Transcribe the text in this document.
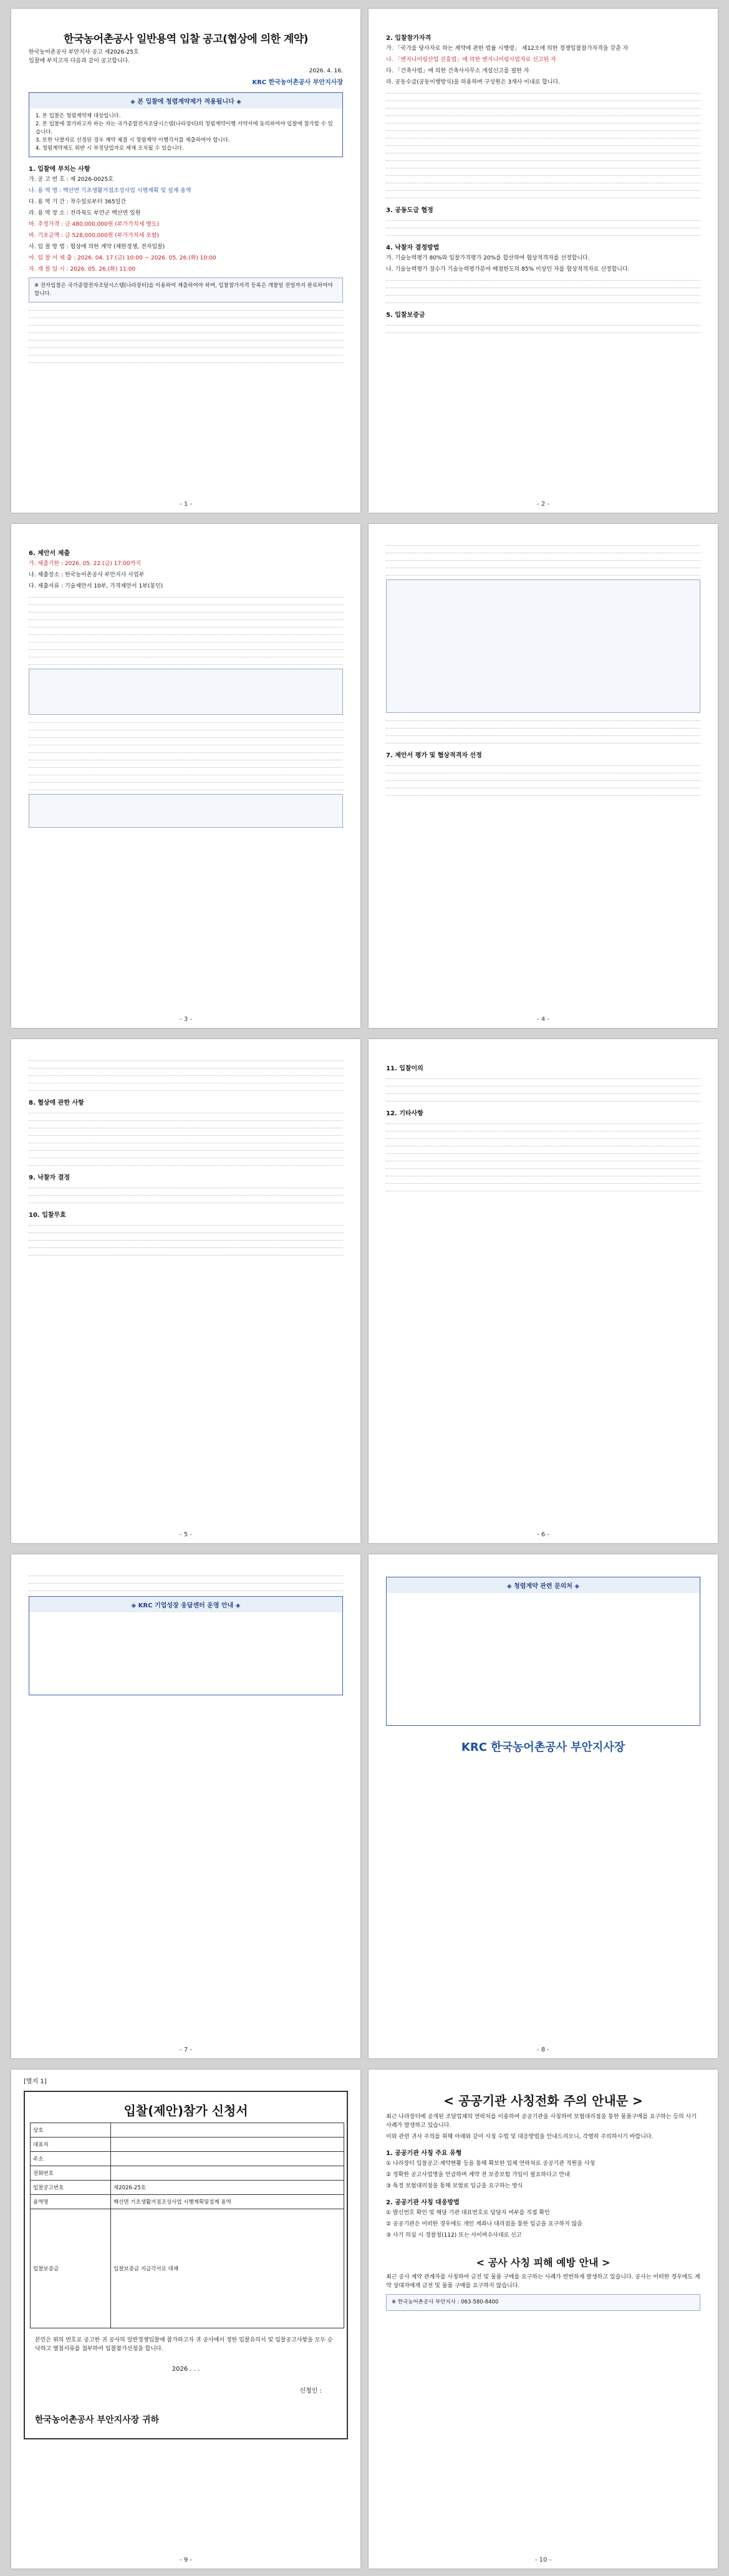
한국농어촌공사 일반용역 입찰 공고(협상에 의한 계약)
한국농어촌공사 부안지사 공고 제2026-25호
입찰에 부치고자 다음과 같이 공고합니다.
2026. 4. 16.
KRC 한국농어촌공사 부안지사장
◈ 본 입찰에 청렴계약제가 적용됩니다 ◈
1. 본 입찰은 청렴계약제 대상입니다.
2. 본 입찰에 참가하고자 하는 자는 국가종합전자조달시스템(나라장터)의 청렴계약이행 서약서에 동의하여야 입찰에 참가할 수 있습니다.
3. 또한 낙찰자로 선정된 경우 계약 체결 시 청렴계약 이행각서를 제출하여야 합니다.
4. 청렴계약제도 위반 시 부정당업자로 제재 조치될 수 있습니다.
1. 입찰에 부치는 사항

가. 공 고 번 호 : 제 2026-0025호

나. 용 역 명 : 백산면 기초생활거점조성사업 시행계획 및 설계 용역

다. 용 역 기 간 : 착수일로부터 365일간

라. 용 역 장 소 : 전라북도 부안군 백산면 일원

마. 추정가격 : 금 480,000,000원 (부가가치세 별도)

바. 기초금액 : 금 528,000,000원 (부가가치세 포함)

사. 입 찰 방 법 : 협상에 의한 계약 (제한경쟁, 전자입찰)

아. 입 찰 서 제 출 : 2026. 04. 17.(금) 10:00 ~ 2026. 05. 26.(화) 10:00

자. 개 찰 일 시 : 2026. 05. 26.(화) 11:00

※ 전자입찰은 국가종합전자조달시스템(나라장터)을 이용하여 제출하여야 하며, 입찰참가자격 등록은 개찰일 전일까지 완료하여야 합니다.
- 1 -
2. 입찰참가자격

가. 「국가를 당사자로 하는 계약에 관한 법률 시행령」 제12조에 의한 경쟁입찰참가자격을 갖춘 자

나. 「엔지니어링산업 진흥법」에 의한 엔지니어링사업자로 신고된 자

다. 「건축사법」에 의한 건축사사무소 개설신고를 필한 자

라. 공동수급(공동이행방식)을 허용하며 구성원은 3개사 이내로 합니다.

3. 공동도급 협정
4. 낙찰자 결정방법

가. 기술능력평가 80%와 입찰가격평가 20%를 합산하여 협상적격자를 선정합니다.

나. 기술능력평가 점수가 기술능력평가분야 배점한도의 85% 이상인 자를 협상적격자로 선정합니다.

5. 입찰보증금
- 2 -
6. 제안서 제출

가. 제출기한 : 2026. 05. 22.(금) 17:00까지

나. 제출장소 : 한국농어촌공사 부안지사 사업부

다. 제출서류 : 기술제안서 10부, 가격제안서 1부(봉인)

- 3 -
7. 제안서 평가 및 협상적격자 선정
- 4 -
8. 협상에 관한 사항
9. 낙찰자 결정
10. 입찰무효
- 5 -
11. 입찰이의
12. 기타사항
- 6 -
◈ KRC 기업성장 응답센터 운영 안내 ◈
- 7 -
◈ 청렴계약 관련 문의처 ◈
KRC 한국농어촌공사 부안지사장
- 8 -
[별지 1]
입찰(제안)참가 신청서
상호	
대표자	
주소	
전화번호	
입찰공고번호	제2026-25호
용역명	백산면 기초생활거점조성사업 시행계획및설계 용역
입찰보증금	입찰보증금 지급각서로 대체
본인은 위의 번호로 공고한 귀 공사의 일반경쟁입찰에 참가하고자 귀 공사에서 정한 입찰유의서 및 입찰공고사항을 모두 승낙하고 별첨서류를 첨부하여 입찰참가신청을 합니다.
2026 . . .
신청인 :
한국농어촌공사 부안지사장 귀하
- 9 -
< 공공기관 사칭전화 주의 안내문 >

최근 나라장터에 공개된 조달업체의 연락처를 이용하여 공공기관을 사칭하여 보험대리점을 통한 물품구매를 요구하는 등의 사기 사례가 발생하고 있습니다.

이와 관련 귀사 주의를 위해 아래와 같이 사칭 수법 및 대응방법을 안내드리오니, 각별히 주의하시기 바랍니다.

1. 공공기관 사칭 주요 유형

① 나라장터 입찰공고·계약현황 등을 통해 확보한 업체 연락처로 공공기관 직원을 사칭

② 정확한 공고사업명을 언급하며 계약 전 보증보험 가입이 필요하다고 안내

③ 특정 보험대리점을 통해 보험료 입금을 요구하는 방식

2. 공공기관 사칭 대응방법

① 발신번호 확인 및 해당 기관 대표번호로 담당자 여부를 직접 확인

② 공공기관은 어떠한 경우에도 개인 계좌나 대리점을 통한 입금을 요구하지 않음

③ 사기 의심 시 경찰청(112) 또는 사이버수사대로 신고

< 공사 사칭 피해 예방 안내 >

최근 공사 계약 관계자를 사칭하여 금전 및 물품 구매를 요구하는 사례가 빈번하게 발생하고 있습니다. 공사는 어떠한 경우에도 계약 상대자에게 금전 및 물품 구매를 요구하지 않습니다.

※ 한국농어촌공사 부안지사 : 063-580-8400
- 10 -
